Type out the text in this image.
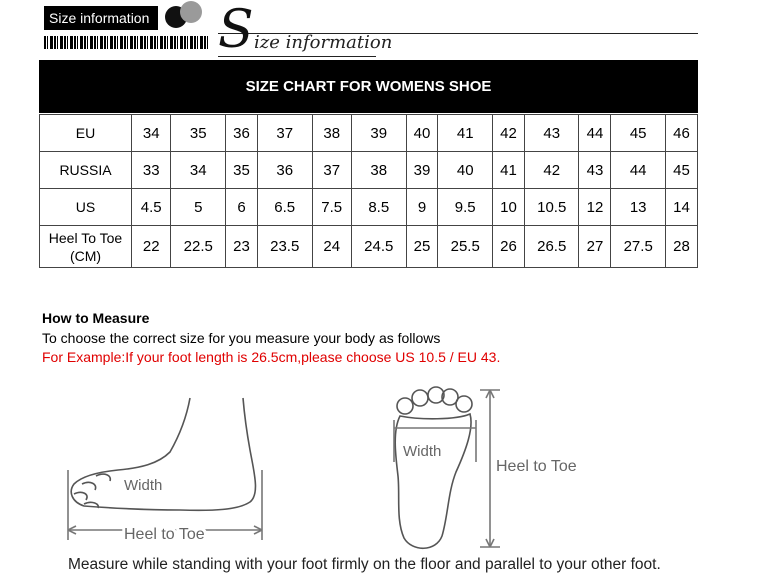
Size information S ize information
SIZE CHART FOR WOMENS SHOE
EU	34	35	36	37	38	39	40	41	42	43	44	45	46
RUSSIA	33	34	35	36	37	38	39	40	41	42	43	44	45
US	4.5	5	6	6.5	7.5	8.5	9	9.5	10	10.5	12	13	14
Heel To Toe (CM)	22	22.5	23	23.5	24	24.5	25	25.5	26	26.5	27	27.5	28
How to Measure
To choose the correct size for you measure your body as follows
For Example:If your foot length is 26.5cm,please choose US 10.5 / EU 43.
Width
Heel to Toe
Width
Heel to Toe
Measure while standing with your foot firmly on the floor and parallel to your other foot.
